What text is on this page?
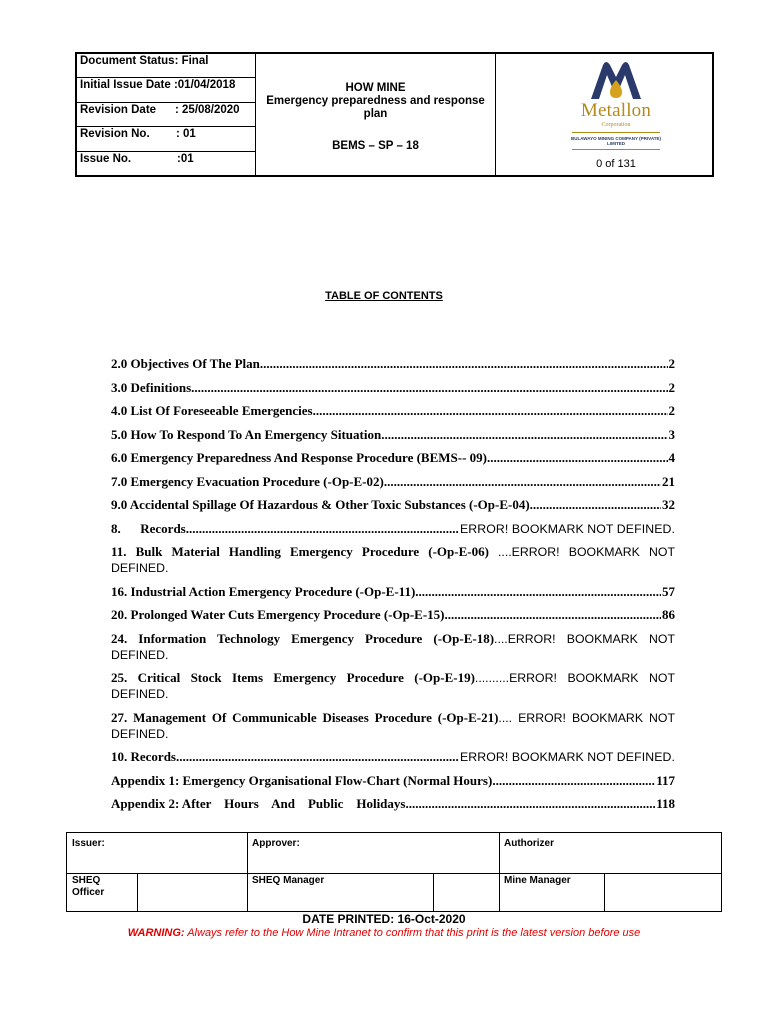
Document Status: Final
Initial Issue Date : 01/04/2018
Revision Date	: 25/08/2020
Revision No.	: 01
Issue No.	:01
HOW MINE
Emergency preparedness and response
plan
BEMS – SP – 18
Metallon
Corporation
BULAWAYO MINING COMPANY (PRIVATE) LIMITED
0 of 131
TABLE OF CONTENTS
2.0 Objectives Of The Plan .....	2
3.0 Definitions .....	2
4.0 List Of Foreseeable Emergencies .....	2
5.0 How To Respond To An Emergency Situation .....	3
6.0 Emergency Preparedness And Response Procedure (BEMS-- 09) .....	4
7.0 Emergency Evacuation Procedure (-Op-E-02) .....	21
9.0 Accidental Spillage Of Hazardous & Other Toxic Substances (-Op-E-04) .....	32
8.      Records .....	ERROR! BOOKMARK NOT DEFINED.
11. Bulk Material Handling Emergency Procedure (-Op-E-06) ....ERROR! BOOKMARK NOT DEFINED.
16. Industrial Action Emergency Procedure (-Op-E-11) .....	57
20. Prolonged Water Cuts Emergency Procedure (-Op-E-15) .....	86
24. Information Technology Emergency Procedure (-Op-E-18)....ERROR! BOOKMARK NOT DEFINED.
25. Critical Stock Items Emergency Procedure (-Op-E-19)..........ERROR! BOOKMARK NOT DEFINED.
27. Management Of Communicable Diseases Procedure (-Op-E-21).... ERROR! BOOKMARK NOT DEFINED.
10. Records .....	ERROR! BOOKMARK NOT DEFINED.
Appendix 1: Emergency Organisational Flow-Chart (Normal Hours) .....	117
Appendix 2: After    Hours    And    Public    Holidays .....	118
Issuer:	Approver:	Authorizer
SHEQ
Officer
SHEQ Manager	Mine Manager
DATE PRINTED: 16-Oct-2020
WARNING: Always refer to the How Mine Intranet to confirm that this print is the latest version before use
